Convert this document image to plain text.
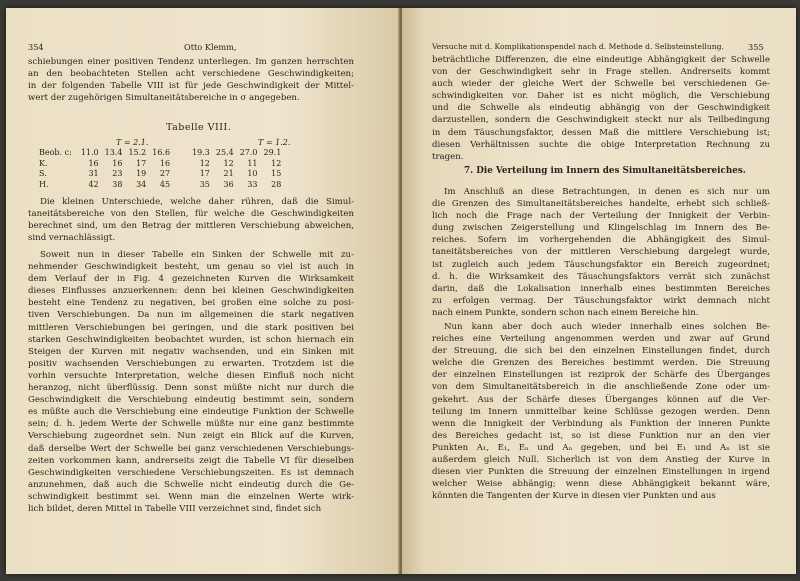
354	Otto Klemm,
schiebungen einer positiven Tendenz unterliegen. Im ganzen herrschten
an den beobachteten Stellen acht verschiedene Geschwindigkeiten;
in der folgenden Tabelle VIII ist für jede Geschwindigkeit der Mittel-
wert der zugehörigen Simultaneitätsbereiche in σ angegeben.
Tabelle VIII.
T = 2.1.	T = 1.2.
Beob. c:	11.0	13.4	15.2	16.6		19.3	25.4	27.0	29.1
K.	16	16	17	16		12	12	11	12
S.	31	23	19	27		17	21	10	15
H.	42	38	34	45		35	36	33	28
Die kleinen Unterschiede, welche daher rühren, daß die Simul-
taneitätsbereiche von den Stellen, für welche die Geschwindigkeiten
berechnet sind, um den Betrag der mittleren Verschiebung abweichen,
sind vernachlässigt.
Soweit nun in dieser Tabelle ein Sinken der Schwelle mit zu-
nehmender Geschwindigkeit besteht, um genau so viel ist auch in
dem Verlauf der in Fig. 4 gezeichneten Kurven die Wirksamkeit
dieses Einflusses anzuerkennen: denn bei kleinen Geschwindigkeiten
besteht eine Tendenz zu negativen, bei großen eine solche zu posi-
tiven Verschiebungen. Da nun im allgemeinen die stark negativen
mittleren Verschiebungen bei geringen, und die stark positiven bei
starken Geschwindigkeiten beobachtet wurden, ist schon hiernach ein
Steigen der Kurven mit negativ wachsenden, und ein Sinken mit
positiv wachsenden Verschiebungen zu erwarten. Trotzdem ist die
vorhin versuchte Interpretation, welche diesen Einfluß noch nicht
heranzog, nicht überflüssig. Denn sonst müßte nicht nur durch die
Geschwindigkeit die Verschiebung eindeutig bestimmt sein, sondern
es müßte auch die Verschiebung eine eindeutige Funktion der Schwelle
sein; d. h. jedem Werte der Schwelle müßte nur eine ganz bestimmte
Verschiebung zugeordnet sein. Nun zeigt ein Blick auf die Kurven,
daß derselbe Wert der Schwelle bei ganz verschiedenen Verschiebungs-
zeiten vorkommen kann, andrerseits zeigt die Tabelle VI für dieselben
Geschwindigkeiten verschiedene Verschiebungszeiten. Es ist demnach
anzunehmen, daß auch die Schwelle nicht eindeutig durch die Ge-
schwindigkeit bestimmt sei. Wenn man die einzelnen Werte wirk-
lich bildet, deren Mittel in Tabelle VIII verzeichnet sind, findet sich
Versuche mit d. Komplikationspendel nach d. Methode d. Selbsteinstellung.	355
beträchtliche Differenzen, die eine eindeutige Abhängigkeit der Schwelle
von der Geschwindigkeit sehr in Frage stellen. Andrerseits kommt
auch wieder der gleiche Wert der Schwelle bei verschiedenen Ge-
schwindigkeiten vor. Daher ist es nicht möglich, die Verschiebung
und die Schwelle als eindeutig abhängig von der Geschwindigkeit
darzustellen, sondern die Geschwindigkeit steckt nur als Teilbedingung
in dem Täuschungsfaktor, dessen Maß die mittlere Verschiebung ist;
diesen Verhältnissen suchte die obige Interpretation Rechnung zu
tragen.
7. Die Verteilung im Innern des Simultaneitätsbereiches.
Im Anschluß an diese Betrachtungen, in denen es sich nur um
die Grenzen des Simultaneitätsbereiches handelte, erhebt sich schließ-
lich noch die Frage nach der Verteilung der Innigkeit der Verbin-
dung zwischen Zeigerstellung und Klingelschlag im Innern des Be-
reiches. Sofern im vorhergehenden die Abhängigkeit des Simul-
taneitätsbereiches von der mittleren Verschiebung dargelegt wurde,
ist zugleich auch jedem Täuschungsfaktor ein Bereich zugeordnet;
d. h. die Wirksamkeit des Täuschungsfaktors verrät sich zunächst
darin, daß die Lokalisation innerhalb eines bestimmten Bereiches
zu erfolgen vermag. Der Täuschungsfaktor wirkt demnach nicht
nach einem Punkte, sondern schon nach einem Bereiche hin.
Nun kann aber doch auch wieder innerhalb eines solchen Be-
reiches eine Verteilung angenommen werden und zwar auf Grund
der Streuung, die sich bei den einzelnen Einstellungen findet, durch
welche die Grenzen des Bereiches bestimmt werden. Die Streuung
der einzelnen Einstellungen ist reziprok der Schärfe des Überganges
von dem Simultaneitätsbereich in die anschließende Zone oder um-
gekehrt. Aus der Schärfe dieses Überganges können auf die Ver-
teilung im Innern unmittelbar keine Schlüsse gezogen werden. Denn
wenn die Innigkeit der Verbindung als Funktion der inneren Punkte
des Bereiches gedacht ist, so ist diese Funktion nur an den vier
Punkten A₁, E₁, Eₙ und Aₙ gegeben, und bei E₁ und Aₙ ist sie
außerdem gleich Null. Sicherlich ist von dem Anstieg der Kurve in
diesen vier Punkten die Streuung der einzelnen Einstellungen in irgend
welcher Weise abhängig; wenn diese Abhängigkeit bekannt wäre,
könnten die Tangenten der Kurve in diesen vier Punkten und aus
